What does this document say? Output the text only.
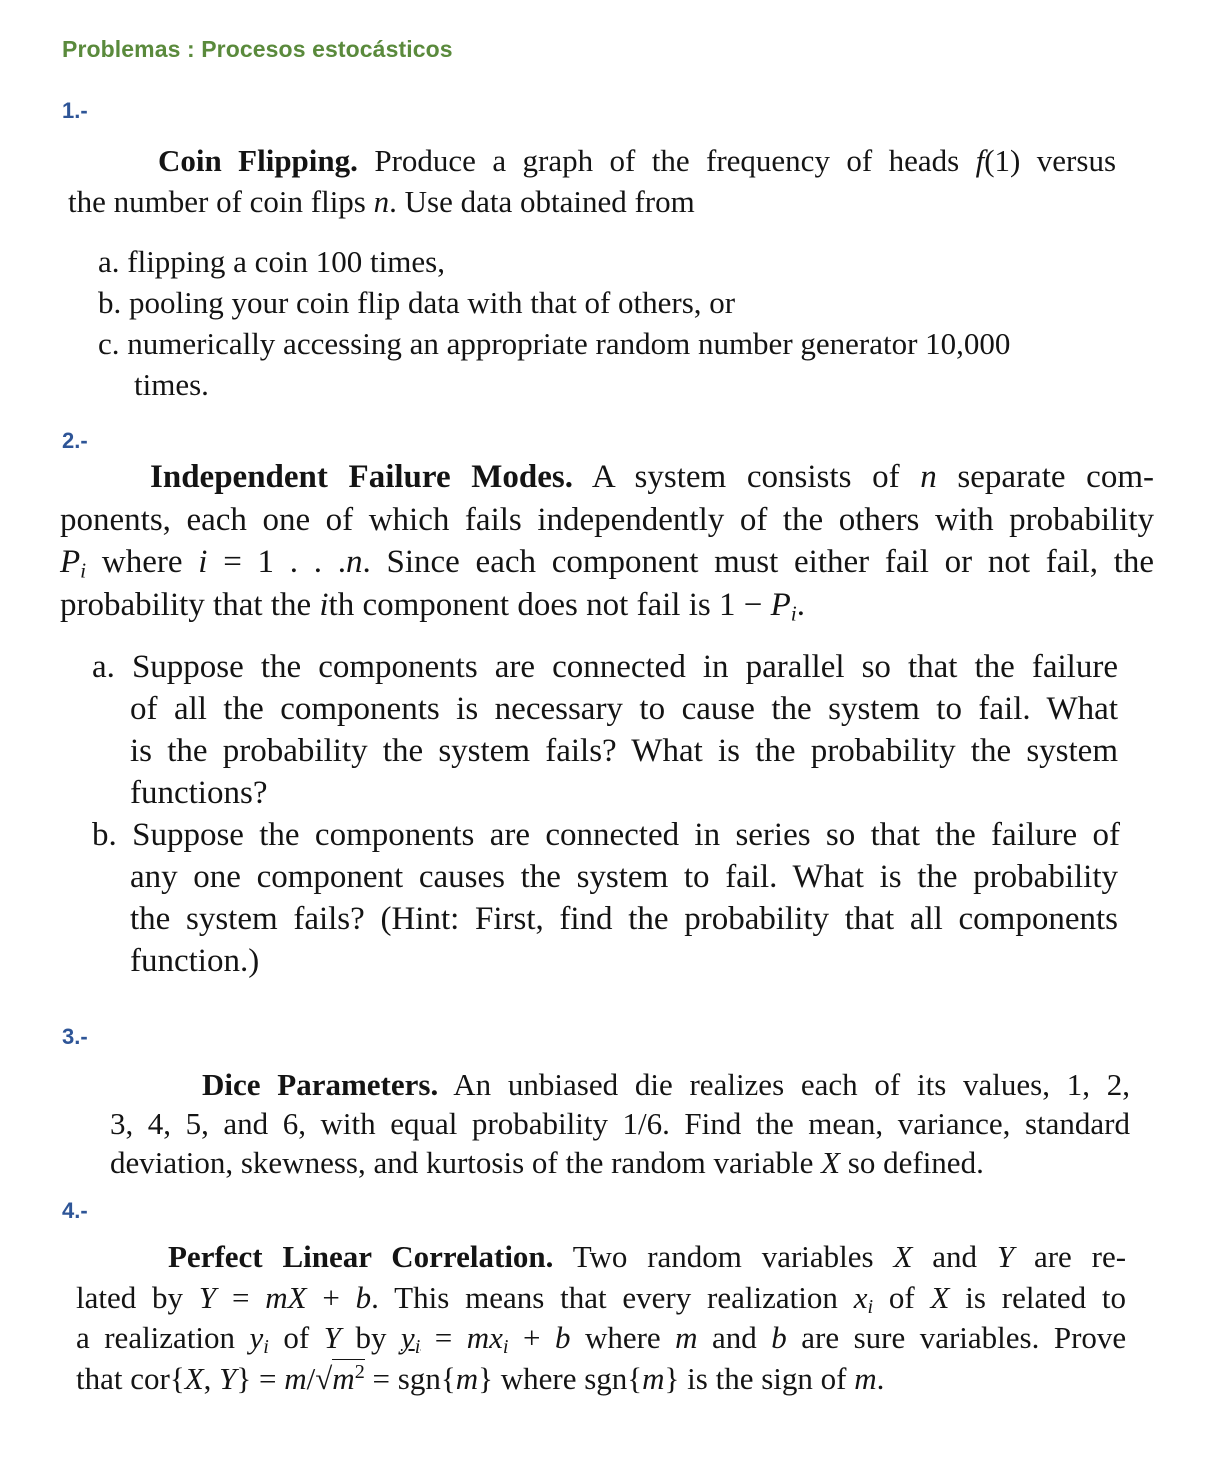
Problemas : Procesos estocásticos
1.-
Coin Flipping. Produce a graph of the frequency of heads f(1) versus
the number of coin flips n. Use data obtained from
a. flipping a coin 100 times,
b. pooling your coin flip data with that of others, or
c. numerically accessing an appropriate random number generator 10,000
times.
2.-
Independent Failure Modes. A system consists of n separate com-
ponents, each one of which fails independently of the others with probability
$P_i$ where i = 1 . . .n. Since each component must either fail or not fail, the
probability that the ith component does not fail is $1 - P_i$.
a. Suppose the components are connected in parallel so that the failure
of all the components is necessary to cause the system to fail. What
is the probability the system fails? What is the probability the system
functions?
b. Suppose the components are connected in series so that the failure of
any one component causes the system to fail. What is the probability
the system fails? (Hint: First, find the probability that all components
function.)
3.-
Dice Parameters. An unbiased die realizes each of its values, 1, 2,
3, 4, 5, and 6, with equal probability 1/6. Find the mean, variance, standard
deviation, skewness, and kurtosis of the random variable X so defined.
4.-
Perfect Linear Correlation. Two random variables X and Y are re-
lated by Y = mX + b. This means that every realization $x_i$ of X is related to
a realization $y_i$ of Y by $y_i = mx_i + b$ where m and b are sure variables. Prove
that cor{X, $Y\} = m/√m^2 = sgn\{m\}$ where sgn{m} is the sign of m.
